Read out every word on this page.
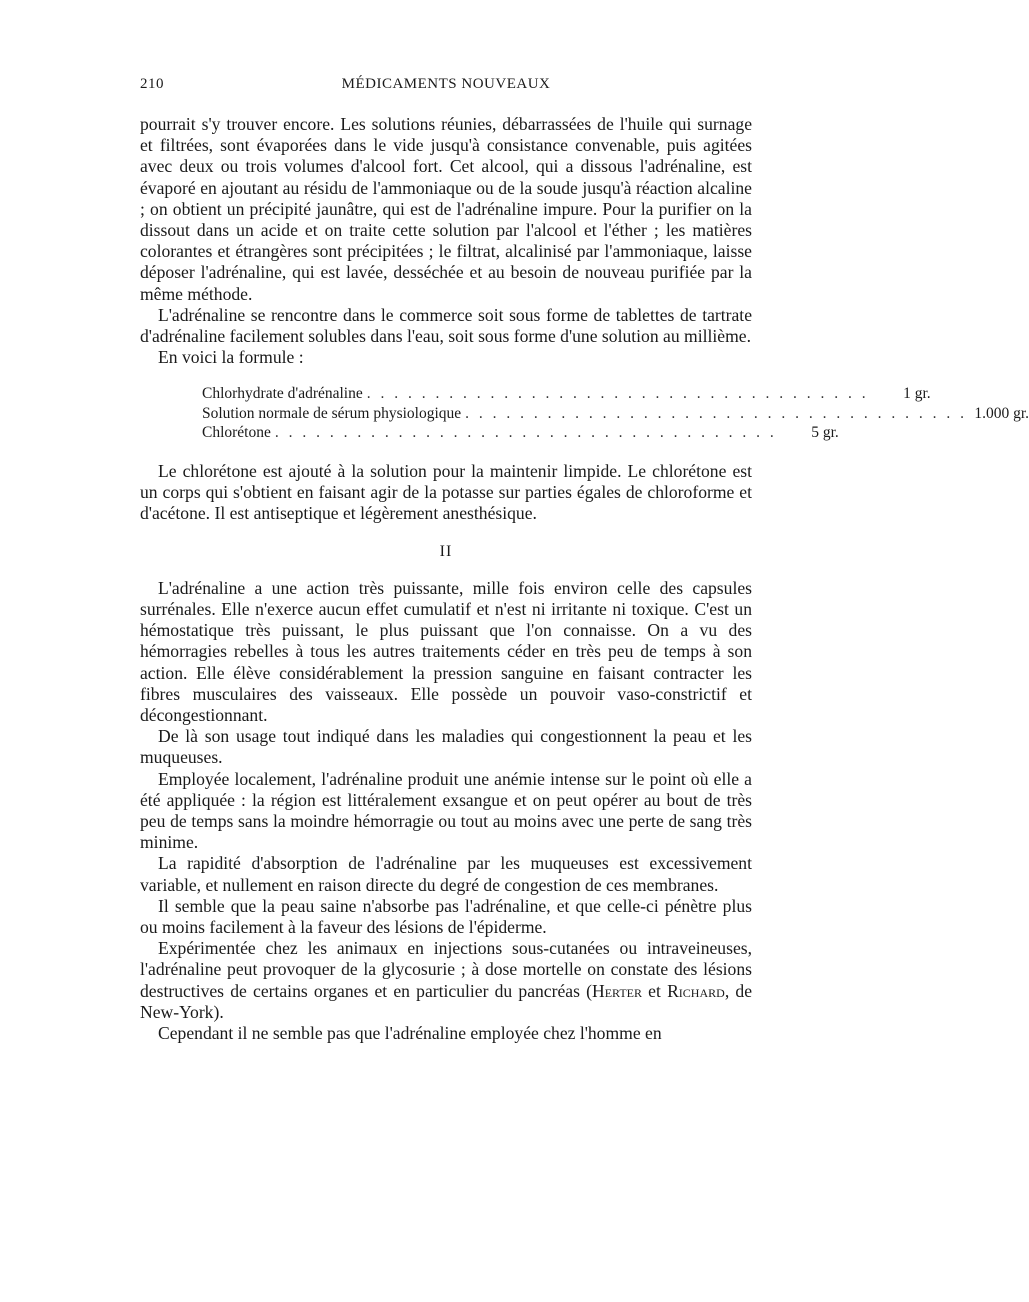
210	MÉDICAMENTS NOUVEAUX

pourrait s'y trouver encore. Les solutions réunies, débarrassées de l'huile qui surnage et filtrées, sont évaporées dans le vide jusqu'à consistance convenable, puis agitées avec deux ou trois volumes d'alcool fort. Cet alcool, qui a dissous l'adrénaline, est évaporé en ajoutant au résidu de l'ammoniaque ou de la soude jusqu'à réaction alcaline ; on obtient un précipité jaunâtre, qui est de l'adrénaline impure. Pour la purifier on la dissout dans un acide et on traite cette solution par l'alcool et l'éther ; les matières colorantes et étrangères sont précipitées ; le filtrat, alcalinisé par l'ammoniaque, laisse déposer l'adrénaline, qui est lavée, desséchée et au besoin de nouveau purifiée par la même méthode.

L'adrénaline se rencontre dans le commerce soit sous forme de tablettes de tartrate d'adrénaline facilement solubles dans l'eau, soit sous forme d'une solution au millième.

En voici la formule :

Chlorhydrate d'adrénaline . . . . . . . . . . . . . . . . . . . . . . . . . . . . . . . . . . . . .	1 gr.
Solution normale de sérum physiologique . . . . . . . . . . . . . . . . . . . . . . . . . . . . . . . . . . . . . 1.000 gr.
Chlorétone . . . . . . . . . . . . . . . . . . . . . . . . . . . . . . . . . . . . .	5 gr.

Le chlorétone est ajouté à la solution pour la maintenir limpide. Le chlorétone est un corps qui s'obtient en faisant agir de la potasse sur parties égales de chloroforme et d'acétone. Il est antiseptique et légèrement anesthésique.

II

L'adrénaline a une action très puissante, mille fois environ celle des capsules surrénales. Elle n'exerce aucun effet cumulatif et n'est ni irritante ni toxique. C'est un hémostatique très puissant, le plus puissant que l'on connaisse. On a vu des hémorragies rebelles à tous les autres traitements céder en très peu de temps à son action. Elle élève considérablement la pression sanguine en faisant contracter les fibres musculaires des vaisseaux. Elle possède un pouvoir vaso-constrictif et décongestionnant.

De là son usage tout indiqué dans les maladies qui congestionnent la peau et les muqueuses.

Employée localement, l'adrénaline produit une anémie intense sur le point où elle a été appliquée : la région est littéralement exsangue et on peut opérer au bout de très peu de temps sans la moindre hémorragie ou tout au moins avec une perte de sang très minime.

La rapidité d'absorption de l'adrénaline par les muqueuses est excessivement variable, et nullement en raison directe du degré de congestion de ces membranes.

Il semble que la peau saine n'absorbe pas l'adrénaline, et que celle-ci pénètre plus ou moins facilement à la faveur des lésions de l'épiderme.

Expérimentée chez les animaux en injections sous-cutanées ou intraveineuses, l'adrénaline peut provoquer de la glycosurie ; à dose mortelle on constate des lésions destructives de certains organes et en particulier du pancréas (Herter et Richard, de New-York).

Cependant il ne semble pas que l'adrénaline employée chez l'homme en
